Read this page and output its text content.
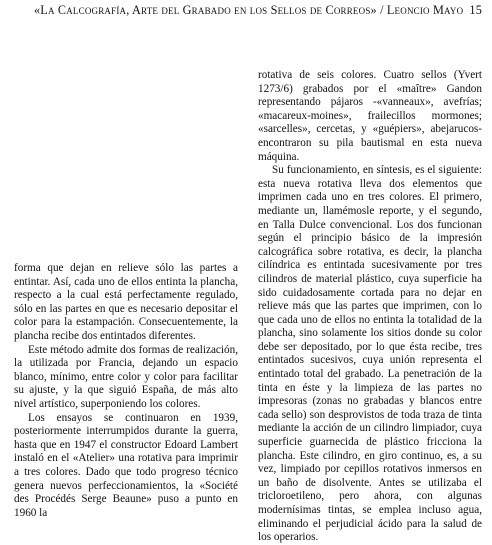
«La Calcografía, Arte del Grabado en los Sellos de Correos» / Leoncio Mayo 15

forma que dejan en relieve sólo las partes a entintar. Así, cada uno de ellos entinta la plancha, respecto a la cual está perfectamente regulado, sólo en las partes en que es necesario depositar el color para la estampación. Consecuentemente, la plancha recibe dos entintados diferentes.

Este método admite dos formas de realización, la utilizada por Francia, dejando un espacio blanco, mínimo, entre color y color para facilitar su ajuste, y la que siguió España, de más alto nivel artístico, superponiendo los colores.

Los ensayos se continuaron en 1939, posteriormente interrumpidos durante la guerra, hasta que en 1947 el constructor Edoard Lambert instaló en el «Atelier» una rotativa para imprimir a tres colores. Dado que todo progreso técnico genera nuevos perfeccionamientos, la «Société des Procédés Serge Beaune» puso a punto en 1960 la

rotativa de seis colores. Cuatro sellos (Yvert 1273/6) grabados por el «maître» Gandon representando pájaros -«vanneaux», avefrías; «macareux-moines», frailecillos mormones; «sarcelles», cercetas, y «guépiers», abejarucos- encontraron su pila bautismal en esta nueva máquina.

Su funcionamiento, en síntesis, es el siguiente: esta nueva rotativa lleva dos elementos que imprimen cada uno en tres colores. El primero, mediante un, llamémosle reporte, y el segundo, en Talla Dulce convencional. Los dos funcionan según el principio básico de la impresión calcográfica sobre rotativa, es decir, la plancha cilíndrica es entintada sucesivamente por tres cilindros de material plástico, cuya superficie ha sido cuidadosamente cortada para no dejar en relieve más que las partes que imprimen, con lo que cada uno de ellos no entinta la totalidad de la plancha, sino solamente los sitios donde su color debe ser depositado, por lo que ésta recibe, tres entintados sucesivos, cuya unión representa el entintado total del grabado. La penetración de la tinta en éste y la limpieza de las partes no impresoras (zonas no grabadas y blancos entre cada sello) son desprovistos de toda traza de tinta mediante la acción de un cilindro limpiador, cuya superficie guarnecida de plástico fricciona la plancha. Este cilindro, en giro continuo, es, a su vez, limpiado por cepillos rotativos inmersos en un baño de disolvente. Antes se utilizaba el tricloroetileno, pero ahora, con algunas modernísimas tintas, se emplea incluso agua, eliminando el perjudicial ácido para la salud de los operarios.
